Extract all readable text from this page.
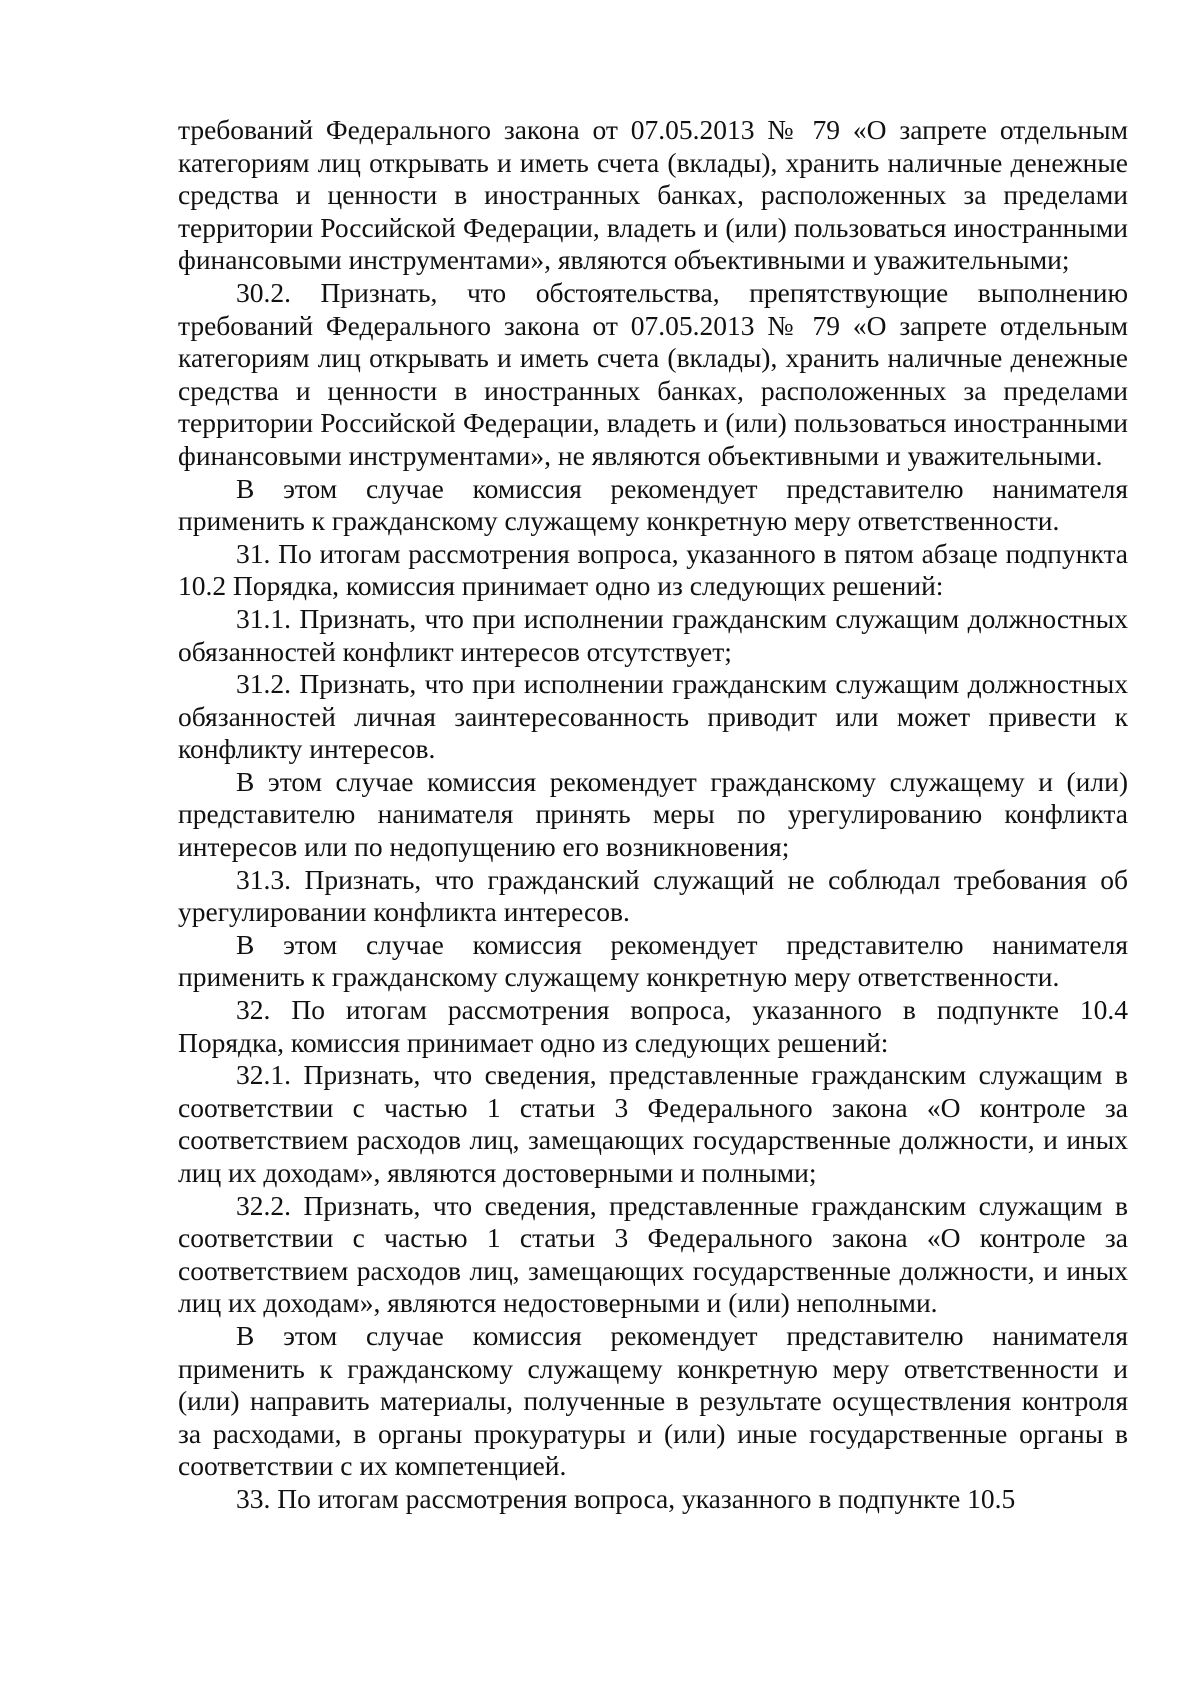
требований Федерального закона от 07.05.2013 № 79 «О запрете отдельным категориям лиц открывать и иметь счета (вклады), хранить наличные денежные средства и ценности в иностранных банках, расположенных за пределами территории Российской Федерации, владеть и (или) пользоваться иностранными финансовыми инструментами», являются объективными и уважительными;

30.2. Признать, что обстоятельства, препятствующие выполнению требований Федерального закона от 07.05.2013 № 79 «О запрете отдельным категориям лиц открывать и иметь счета (вклады), хранить наличные денежные средства и ценности в иностранных банках, расположенных за пределами территории Российской Федерации, владеть и (или) пользоваться иностранными финансовыми инструментами», не являются объективными и уважительными.

В этом случае комиссия рекомендует представителю нанимателя применить к гражданскому служащему конкретную меру ответственности.

31. По итогам рассмотрения вопроса, указанного в пятом абзаце подпункта 10.2 Порядка, комиссия принимает одно из следующих решений:

31.1. Признать, что при исполнении гражданским служащим должностных обязанностей конфликт интересов отсутствует;

31.2. Признать, что при исполнении гражданским служащим должностных обязанностей личная заинтересованность приводит или может привести к конфликту интересов.

В этом случае комиссия рекомендует гражданскому служащему и (или) представителю нанимателя принять меры по урегулированию конфликта интересов или по недопущению его возникновения;

31.3. Признать, что гражданский служащий не соблюдал требования об урегулировании конфликта интересов.

В этом случае комиссия рекомендует представителю нанимателя применить к гражданскому служащему конкретную меру ответственности.

32. По итогам рассмотрения вопроса, указанного в подпункте 10.4 Порядка, комиссия принимает одно из следующих решений:

32.1. Признать, что сведения, представленные гражданским служащим в соответствии с частью 1 статьи 3 Федерального закона «О контроле за соответствием расходов лиц, замещающих государственные должности, и иных лиц их доходам», являются достоверными и полными;

32.2. Признать, что сведения, представленные гражданским служащим в соответствии с частью 1 статьи 3 Федерального закона «О контроле за соответствием расходов лиц, замещающих государственные должности, и иных лиц их доходам», являются недостоверными и (или) неполными.

В этом случае комиссия рекомендует представителю нанимателя применить к гражданскому служащему конкретную меру ответственности и (или) направить материалы, полученные в результате осуществления контроля за расходами, в органы прокуратуры и (или) иные государственные органы в соответствии с их компетенцией.

33. По итогам рассмотрения вопроса, указанного в подпункте 10.5
